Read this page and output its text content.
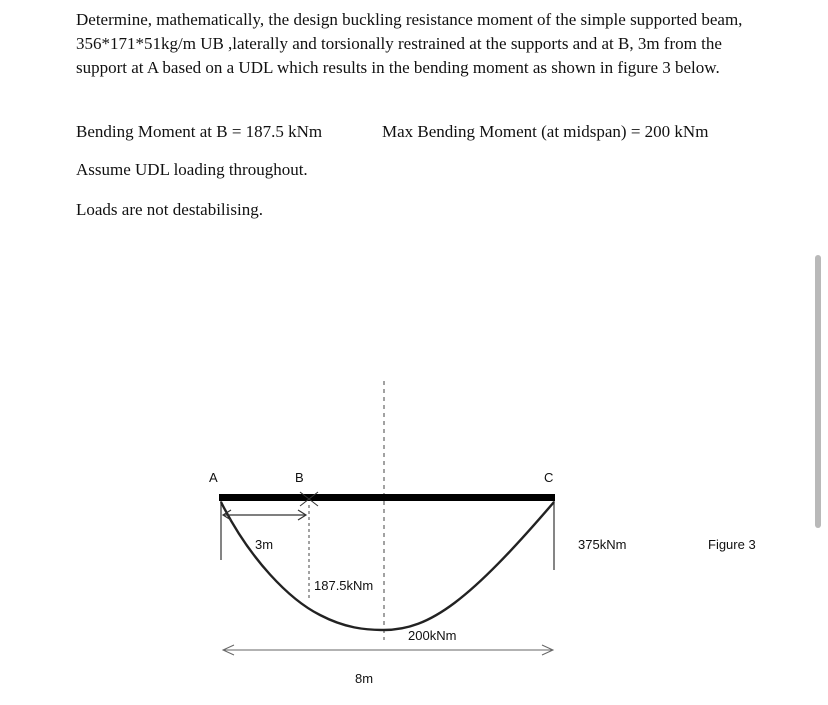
Determine, mathematically, the design buckling resistance moment of the simple supported beam, 356*171*51kg/m UB ,laterally and torsionally restrained at the supports and at B, 3m from the support at A based on a UDL which results in the bending moment as shown in figure 3 below.

Bending Moment at B = 187.5 kNm	Max Bending Moment (at midspan) = 200 kNm
Assume UDL loading throughout.
Loads are not destabilising.
A	B	C
3m
187.5kNm
200kNm
8m
375kNm	Figure 3
